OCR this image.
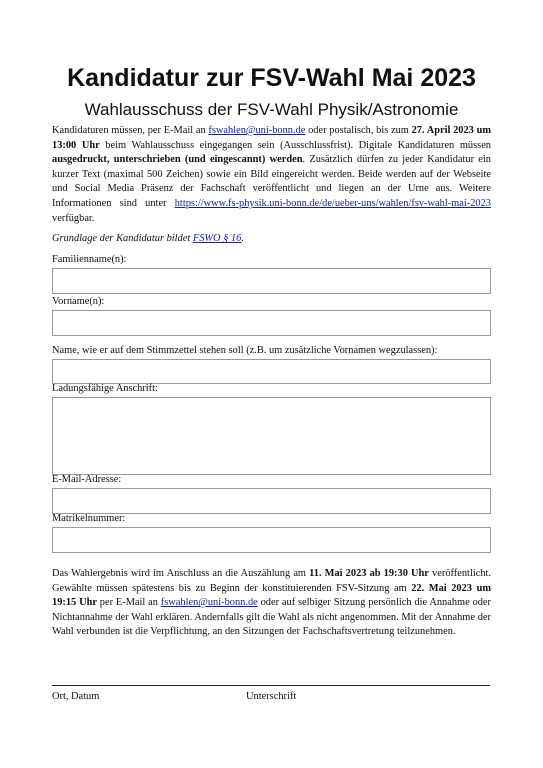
Kandidatur zur FSV-Wahl Mai 2023
Wahlausschuss der FSV-Wahl Physik/Astronomie

Kandidaturen müssen, per E-Mail an fswahlen@uni-bonn.de oder postalisch, bis zum 27. April 2023 um 13:00 Uhr beim Wahlausschuss eingegangen sein (Ausschlussfrist). Digitale Kandidaturen müssen ausgedruckt, unterschrieben (und eingescannt) werden. Zusätzlich dürfen zu jeder Kandidatur ein kurzer Text (maximal 500 Zeichen) sowie ein Bild eingereicht werden. Beide werden auf der Webseite und Social Media Präsenz der Fachschaft veröffentlicht und liegen an der Urne aus. Weitere Informationen sind unter https://www.fs-physik.uni-bonn.de/de/ueber-uns/wahlen/fsv-wahl-mai-2023 verfügbar.

Grundlage der Kandidatur bildet FSWO § 16.

Familienname(n):
Vorname(n):
Name, wie er auf dem Stimmzettel stehen soll (z.B. um zusätzliche Vornamen wegzulassen):
Ladungsfähige Anschrift:
E-Mail-Adresse:
Matrikelnummer:

Das Wahlergebnis wird im Anschluss an die Auszählung am 11. Mai 2023 ab 19:30 Uhr veröffentlicht. Gewählte müssen spätestens bis zu Beginn der konstituierenden FSV-Sitzung am 22. Mai 2023 um 19:15 Uhr per E-Mail an fswahlen@uni-bonn.de oder auf selbiger Sitzung persönlich die Annahme oder Nichtannahme der Wahl erklären. Andernfalls gilt die Wahl als nicht angenommen. Mit der Annahme der Wahl verbunden ist die Verpflichtung, an den Sitzungen der Fachschaftsvertretung teilzunehmen.

Ort, Datum	Unterschrift
